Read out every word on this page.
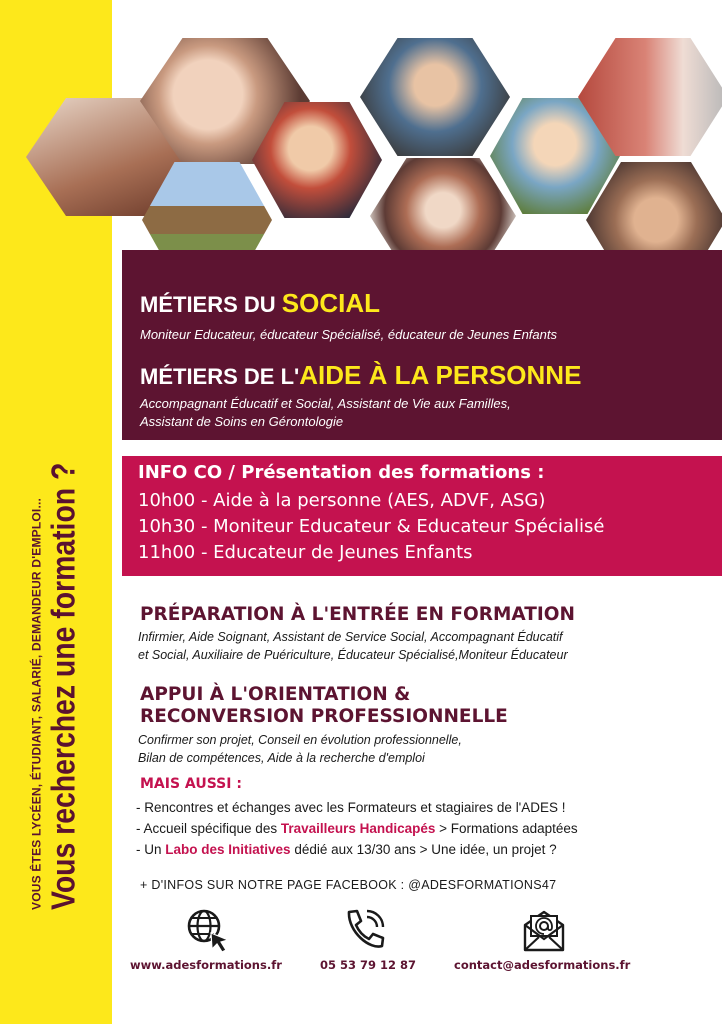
VOUS ÊTES LYCÉEN, ÉTUDIANT, SALARIÉ, DEMANDEUR D'EMPLOI... Vous recherchez une formation ?
MÉTIERS DU SOCIAL
Moniteur Educateur, éducateur Spécialisé, éducateur de Jeunes Enfants
MÉTIERS DE L'AIDE À LA PERSONNE
Accompagnant Éducatif et Social, Assistant de Vie aux Familles,
Assistant de Soins en Gérontologie
INFO CO / Présentation des formations :
10h00 - Aide à la personne (AES, ADVF, ASG)
10h30 - Moniteur Educateur & Educateur Spécialisé
11h00 - Educateur de Jeunes Enfants
PRÉPARATION À L'ENTRÉE EN FORMATION
Infirmier, Aide Soignant, Assistant de Service Social, Accompagnant Éducatif
et Social, Auxiliaire de Puériculture, Éducateur Spécialisé,Moniteur Éducateur
APPUI À L'ORIENTATION &
RECONVERSION PROFESSIONNELLE
Confirmer son projet, Conseil en évolution professionnelle,
Bilan de compétences, Aide à la recherche d'emploi
MAIS AUSSI :
- Rencontres et échanges avec les Formateurs et stagiaires de l'ADES !
- Accueil spécifique des Travailleurs Handicapés > Formations adaptées
- Un Labo des Initiatives dédié aux 13/30 ans > Une idée, un projet ?
+ D'INFOS SUR NOTRE PAGE FACEBOOK : @ADESFORMATIONS47
www.adesformations.fr	05 53 79 12 87	contact@adesformations.fr
